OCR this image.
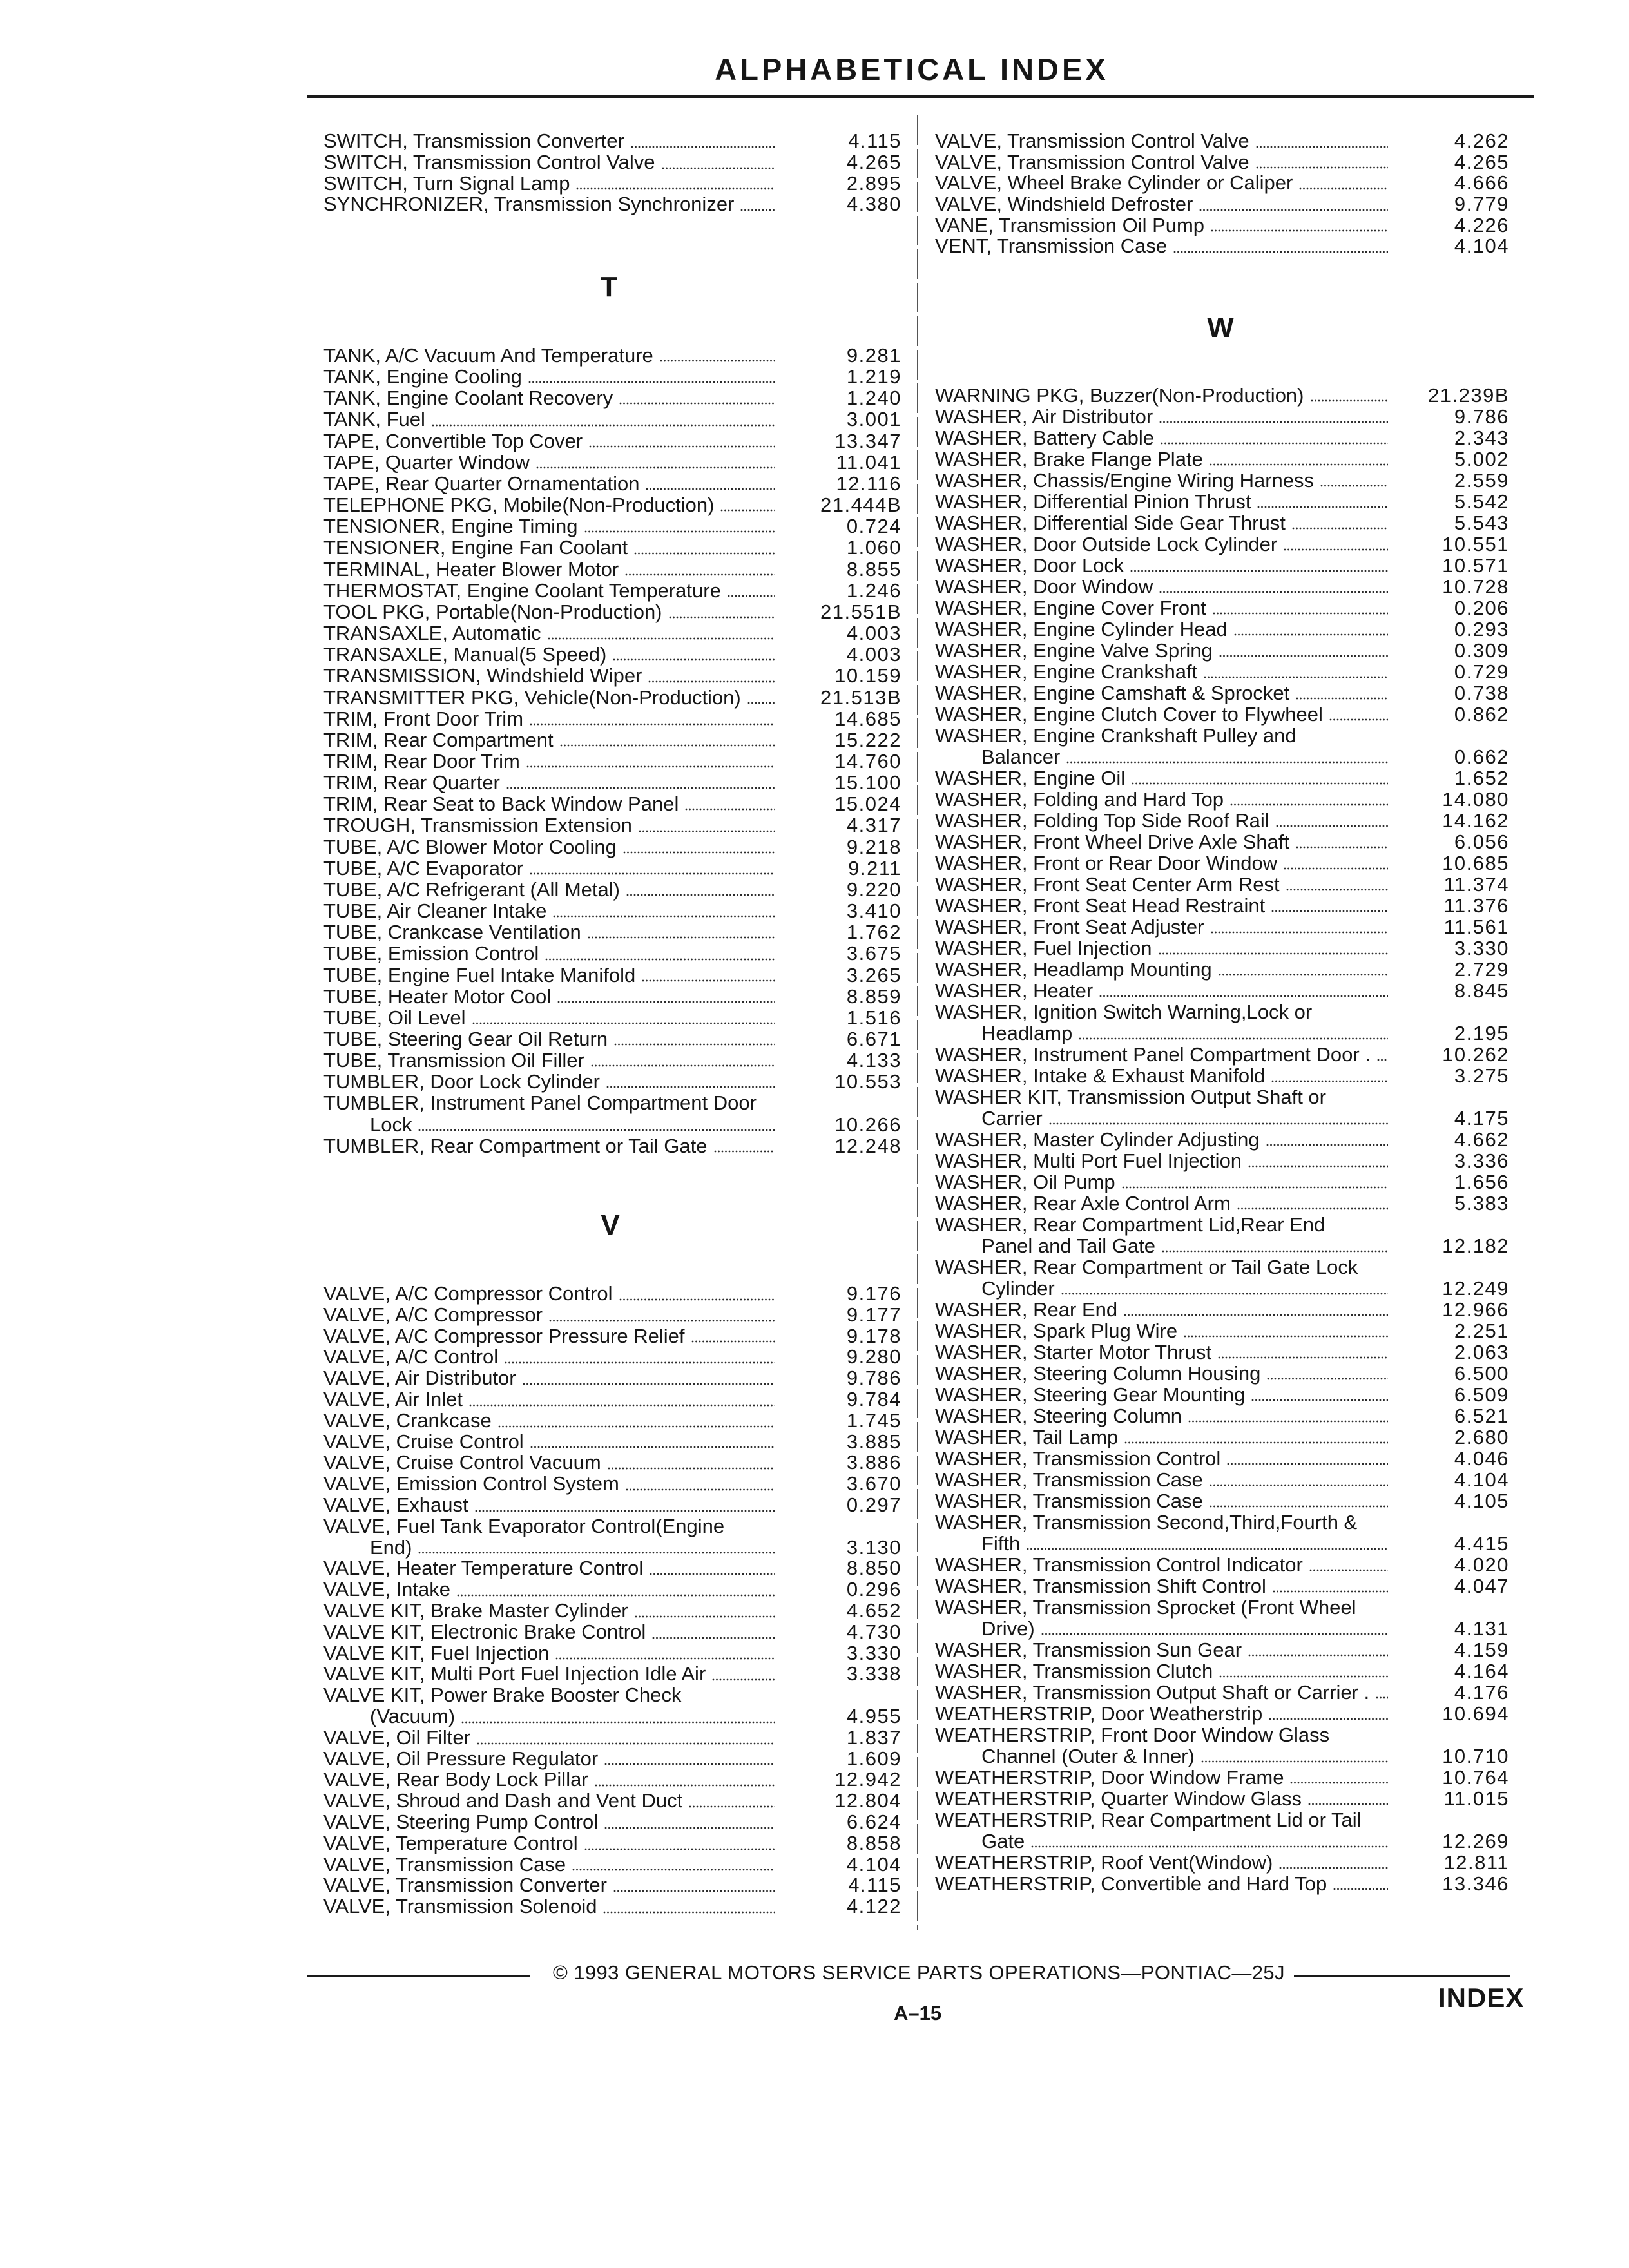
ALPHABETICAL INDEX
SWITCH, Transmission Converter	4.115
SWITCH, Transmission Control Valve	4.265
SWITCH, Turn Signal Lamp	2.895
SYNCHRONIZER, Transmission Synchronizer	4.380
T
TANK, A/C Vacuum And Temperature	9.281
TANK, Engine Cooling	1.219
TANK, Engine Coolant Recovery	1.240
TANK, Fuel	3.001
TAPE, Convertible Top Cover	13.347
TAPE, Quarter Window	11.041
TAPE, Rear Quarter Ornamentation	12.116
TELEPHONE PKG, Mobile(Non-Production)	21.444B
TENSIONER, Engine Timing	0.724
TENSIONER, Engine Fan Coolant	1.060
TERMINAL, Heater Blower Motor	8.855
THERMOSTAT, Engine Coolant Temperature	1.246
TOOL PKG, Portable(Non-Production)	21.551B
TRANSAXLE, Automatic	4.003
TRANSAXLE, Manual(5 Speed)	4.003
TRANSMISSION, Windshield Wiper	10.159
TRANSMITTER PKG, Vehicle(Non-Production)	21.513B
TRIM, Front Door Trim	14.685
TRIM, Rear Compartment	15.222
TRIM, Rear Door Trim	14.760
TRIM, Rear Quarter	15.100
TRIM, Rear Seat to Back Window Panel	15.024
TROUGH, Transmission Extension	4.317
TUBE, A/C Blower Motor Cooling	9.218
TUBE, A/C Evaporator	9.211
TUBE, A/C Refrigerant (All Metal)	9.220
TUBE, Air Cleaner Intake	3.410
TUBE, Crankcase Ventilation	1.762
TUBE, Emission Control	3.675
TUBE, Engine Fuel Intake Manifold	3.265
TUBE, Heater Motor Cool	8.859
TUBE, Oil Level	1.516
TUBE, Steering Gear Oil Return	6.671
TUBE, Transmission Oil Filler	4.133
TUMBLER, Door Lock Cylinder	10.553
TUMBLER, Instrument Panel Compartment Door
Lock	10.266
TUMBLER, Rear Compartment or Tail Gate	12.248
V
VALVE, A/C Compressor Control	9.176
VALVE, A/C Compressor	9.177
VALVE, A/C Compressor Pressure Relief	9.178
VALVE, A/C Control	9.280
VALVE, Air Distributor	9.786
VALVE, Air Inlet	9.784
VALVE, Crankcase	1.745
VALVE, Cruise Control	3.885
VALVE, Cruise Control Vacuum	3.886
VALVE, Emission Control System	3.670
VALVE, Exhaust	0.297
VALVE, Fuel Tank Evaporator Control(Engine
End)	3.130
VALVE, Heater Temperature Control	8.850
VALVE, Intake	0.296
VALVE KIT, Brake Master Cylinder	4.652
VALVE KIT, Electronic Brake Control	4.730
VALVE KIT, Fuel Injection	3.330
VALVE KIT, Multi Port Fuel Injection Idle Air	3.338
VALVE KIT, Power Brake Booster Check
(Vacuum)	4.955
VALVE, Oil Filter	1.837
VALVE, Oil Pressure Regulator	1.609
VALVE, Rear Body Lock Pillar	12.942
VALVE, Shroud and Dash and Vent Duct	12.804
VALVE, Steering Pump Control	6.624
VALVE, Temperature Control	8.858
VALVE, Transmission Case	4.104
VALVE, Transmission Converter	4.115
VALVE, Transmission Solenoid	4.122
VALVE, Transmission Control Valve	4.262
VALVE, Transmission Control Valve	4.265
VALVE, Wheel Brake Cylinder or Caliper	4.666
VALVE, Windshield Defroster	9.779
VANE, Transmission Oil Pump	4.226
VENT, Transmission Case	4.104
W
WARNING PKG, Buzzer(Non-Production)	21.239B
WASHER, Air Distributor	9.786
WASHER, Battery Cable	2.343
WASHER, Brake Flange Plate	5.002
WASHER, Chassis/Engine Wiring Harness	2.559
WASHER, Differential Pinion Thrust	5.542
WASHER, Differential Side Gear Thrust	5.543
WASHER, Door Outside Lock Cylinder	10.551
WASHER, Door Lock	10.571
WASHER, Door Window	10.728
WASHER, Engine Cover Front	0.206
WASHER, Engine Cylinder Head	0.293
WASHER, Engine Valve Spring	0.309
WASHER, Engine Crankshaft	0.729
WASHER, Engine Camshaft & Sprocket	0.738
WASHER, Engine Clutch Cover to Flywheel	0.862
WASHER, Engine Crankshaft Pulley and
Balancer	0.662
WASHER, Engine Oil	1.652
WASHER, Folding and Hard Top	14.080
WASHER, Folding Top Side Roof Rail	14.162
WASHER, Front Wheel Drive Axle Shaft	6.056
WASHER, Front or Rear Door Window	10.685
WASHER, Front Seat Center Arm Rest	11.374
WASHER, Front Seat Head Restraint	11.376
WASHER, Front Seat Adjuster	11.561
WASHER, Fuel Injection	3.330
WASHER, Headlamp Mounting	2.729
WASHER, Heater	8.845
WASHER, Ignition Switch Warning,Lock or
Headlamp	2.195
WASHER, Instrument Panel Compartment Door .	10.262
WASHER, Intake & Exhaust Manifold	3.275
WASHER KIT, Transmission Output Shaft or
Carrier	4.175
WASHER, Master Cylinder Adjusting	4.662
WASHER, Multi Port Fuel Injection	3.336
WASHER, Oil Pump	1.656
WASHER, Rear Axle Control Arm	5.383
WASHER, Rear Compartment Lid,Rear End
Panel and Tail Gate	12.182
WASHER, Rear Compartment or Tail Gate Lock
Cylinder	12.249
WASHER, Rear End	12.966
WASHER, Spark Plug Wire	2.251
WASHER, Starter Motor Thrust	2.063
WASHER, Steering Column Housing	6.500
WASHER, Steering Gear Mounting	6.509
WASHER, Steering Column	6.521
WASHER, Tail Lamp	2.680
WASHER, Transmission Control	4.046
WASHER, Transmission Case	4.104
WASHER, Transmission Case	4.105
WASHER, Transmission Second,Third,Fourth &
Fifth	4.415
WASHER, Transmission Control Indicator	4.020
WASHER, Transmission Shift Control	4.047
WASHER, Transmission Sprocket (Front Wheel
Drive)	4.131
WASHER, Transmission Sun Gear	4.159
WASHER, Transmission Clutch	4.164
WASHER, Transmission Output Shaft or Carrier .	4.176
WEATHERSTRIP, Door Weatherstrip	10.694
WEATHERSTRIP, Front Door Window Glass
Channel (Outer & Inner)	10.710
WEATHERSTRIP, Door Window Frame	10.764
WEATHERSTRIP, Quarter Window Glass	11.015
WEATHERSTRIP, Rear Compartment Lid or Tail
Gate	12.269
WEATHERSTRIP, Roof Vent(Window)	12.811
WEATHERSTRIP, Convertible and Hard Top	13.346
© 1993 GENERAL MOTORS SERVICE PARTS OPERATIONS—PONTIAC—25J
A–15
INDEX
